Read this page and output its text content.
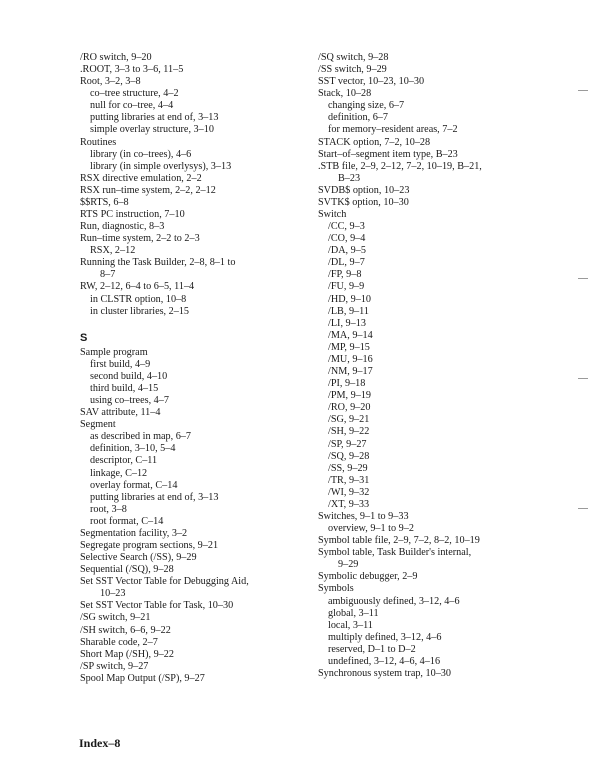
/RO switch, 9–20
.ROOT, 3–3 to 3–6, 11–5
Root, 3–2, 3–8
co–tree structure, 4–2
null for co–tree, 4–4
putting libraries at end of, 3–13
simple overlay structure, 3–10
Routines
library (in co–trees), 4–6
library (in simple overlysys), 3–13
RSX directive emulation, 2–2
RSX run–time system, 2–2, 2–12
$$RTS, 6–8
RTS PC instruction, 7–10
Run, diagnostic, 8–3
Run–time system, 2–2 to 2–3
RSX, 2–12
Running the Task Builder, 2–8, 8–1 to
8–7
RW, 2–12, 6–4 to 6–5, 11–4
in CLSTR option, 10–8
in cluster libraries, 2–15
S
Sample program
first build, 4–9
second build, 4–10
third build, 4–15
using co–trees, 4–7
SAV attribute, 11–4
Segment
as described in map, 6–7
definition, 3–10, 5–4
descriptor, C–11
linkage, C–12
overlay format, C–14
putting libraries at end of, 3–13
root, 3–8
root format, C–14
Segmentation facility, 3–2
Segregate program sections, 9–21
Selective Search (/SS), 9–29
Sequential (/SQ), 9–28
Set SST Vector Table for Debugging Aid,
10–23
Set SST Vector Table for Task, 10–30
/SG switch, 9–21
/SH switch, 6–6, 9–22
Sharable code, 2–7
Short Map (/SH), 9–22
/SP switch, 9–27
Spool Map Output (/SP), 9–27
/SQ switch, 9–28
/SS switch, 9–29
SST vector, 10–23, 10–30
Stack, 10–28
changing size, 6–7
definition, 6–7
for memory–resident areas, 7–2
STACK option, 7–2, 10–28
Start–of–segment item type, B–23
.STB file, 2–9, 2–12, 7–2, 10–19, B–21,
B–23
SVDB$ option, 10–23
SVTK$ option, 10–30
Switch
/CC, 9–3
/CO, 9–4
/DA, 9–5
/DL, 9–7
/FP, 9–8
/FU, 9–9
/HD, 9–10
/LB, 9–11
/LI, 9–13
/MA, 9–14
/MP, 9–15
/MU, 9–16
/NM, 9–17
/PI, 9–18
/PM, 9–19
/RO, 9–20
/SG, 9–21
/SH, 9–22
/SP, 9–27
/SQ, 9–28
/SS, 9–29
/TR, 9–31
/WI, 9–32
/XT, 9–33
Switches, 9–1 to 9–33
overview, 9–1 to 9–2
Symbol table file, 2–9, 7–2, 8–2, 10–19
Symbol table, Task Builder's internal,
9–29
Symbolic debugger, 2–9
Symbols
ambiguously defined, 3–12, 4–6
global, 3–11
local, 3–11
multiply defined, 3–12, 4–6
reserved, D–1 to D–2
undefined, 3–12, 4–6, 4–16
Synchronous system trap, 10–30
Index–8
